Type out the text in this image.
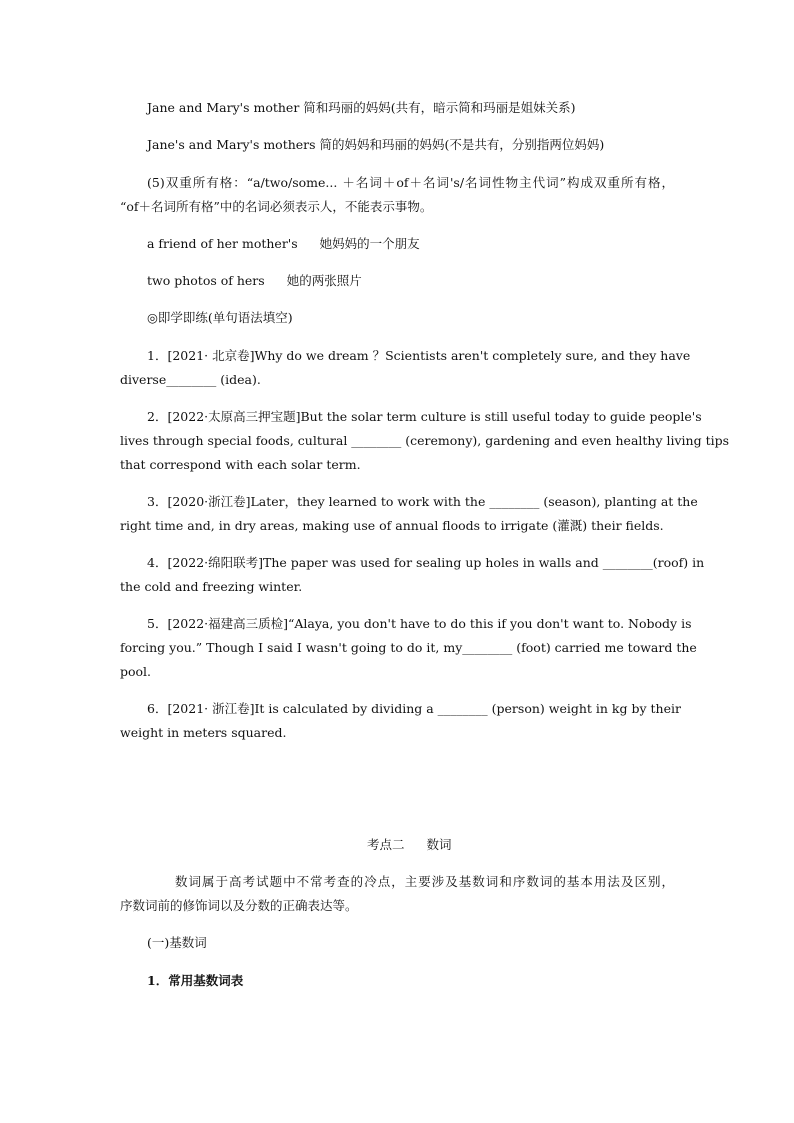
Jane and Mary's mother 简和玛丽的妈妈(共有，暗示简和玛丽是姐妹关系)
Jane's and Mary's mothers 简的妈妈和玛丽的妈妈(不是共有，分别指两位妈妈)
(5)双重所有格：“a/two/some... ＋名词＋of＋名词's/名词性物主代词”构成双重所有格，
“of＋名词所有格”中的名词必须表示人，不能表示事物。
a friend of her mother's 她妈妈的一个朋友
two photos of hers 她的两张照片
◎即学即练(单句语法填空)
1．[2021· 北京卷]Why do we dream ？Scientists aren't completely sure, and they have
diverse________ (idea).
2．[2022·太原高三押宝题]But the solar term culture is still useful today to guide people's
lives through special foods, cultural ________ (ceremony), gardening and even healthy living tips
that correspond with each solar term.
3．[2020·浙江卷]Later，they learned to work with the ________ (season), planting at the
right time and, in dry areas, making use of annual floods to irrigate (灌溉) their fields.
4．[2022·绵阳联考]The paper was used for sealing up holes in walls and ________(roof) in
the cold and freezing winter.
5．[2022·福建高三质检]“Alaya, you don't have to do this if you don't want to. Nobody is
forcing you.” Though I said I wasn't going to do it, my________ (foot) carried me toward the
pool.
6．[2021· 浙江卷]It is calculated by dividing a ________ (person) weight in kg by their
weight in meters squared.
考点二 数词
数词属于高考试题中不常考查的冷点，主要涉及基数词和序数词的基本用法及区别，
序数词前的修饰词以及分数的正确表达等。
(一)基数词
1．常用基数词表
